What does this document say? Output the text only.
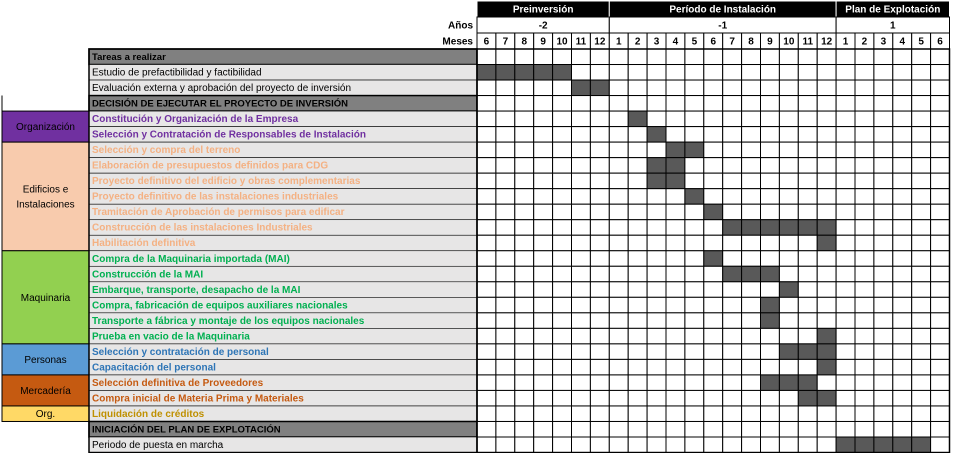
Preinversión
-2
6 7 8 9 10 11 12
Período de Instalación
-1
1 2 3 4 5 6 7 8 9 10 11 12
Plan de Explotación
1
1 2 3 4 5 6
Años
Meses
Organización
Edificios e
Instalaciones
Maquinaria
Personas
Mercadería
Org.
Tareas a realizar
Estudio de prefactibilidad y factibilidad
Evaluación externa y aprobación del proyecto de inversión
DECISIÓN DE EJECUTAR EL PROYECTO DE INVERSIÓN
Constitución y Organización de la Empresa
Selección y Contratación de Responsables de Instalación
Selección y compra del terreno
Elaboración de presupuestos definidos para CDG
Proyecto definitivo del edificio y obras complementarias
Proyecto definitivo de las instalaciones industriales
Tramitación de Aprobación de permisos para edificar
Construcción de las instalaciones Industriales
Habilitación definitiva
Compra de la Maquinaria importada (MAI)
Construcción de la MAI
Embarque, transporte, desapacho de la MAI
Compra, fabricación de equipos auxiliares nacionales
Transporte a fábrica y montaje de los equipos nacionales
Prueba en vacio de la Maquinaria
Selección y contratación de personal
Capacitación del personal
Selección definitiva de Proveedores
Compra inicial de Materia Prima y Materiales
Liquidación de créditos
INICIACIÓN DEL PLAN DE EXPLOTACIÓN
Periodo de puesta en marcha
